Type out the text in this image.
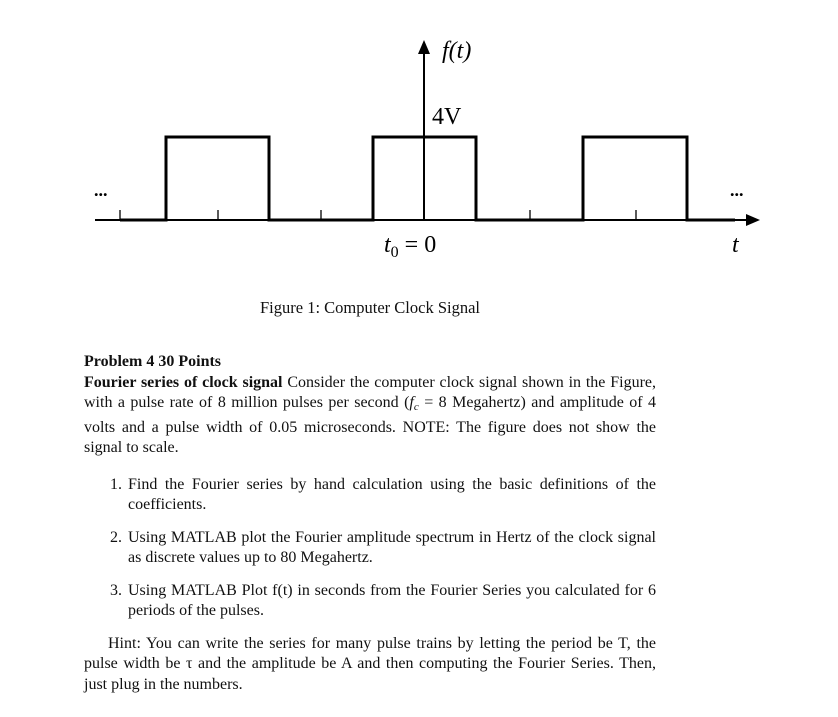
f(t)
4V
$t_0 = 0$	t
...	...
Figure 1: Computer Clock Signal

Problem 4 30 Points

Fourier series of clock signal Consider the computer clock signal shown in the Figure, with a pulse rate of 8 million pulses per second ($f_c = 8$ Megahertz) and amplitude of 4 volts and a pulse width of 0.05 microseconds. NOTE: The figure does not show the signal to scale.

1. Find the Fourier series by hand calculation using the basic definitions of the coefficients.
2. Using MATLAB plot the Fourier amplitude spectrum in Hertz of the clock signal as discrete values up to 80 Megahertz.
3. Using MATLAB Plot f(t) in seconds from the Fourier Series you calculated for 6 periods of the pulses.

Hint: You can write the series for many pulse trains by letting the period be T, the pulse width be τ and the amplitude be A and then computing the Fourier Series. Then, just plug in the numbers.
